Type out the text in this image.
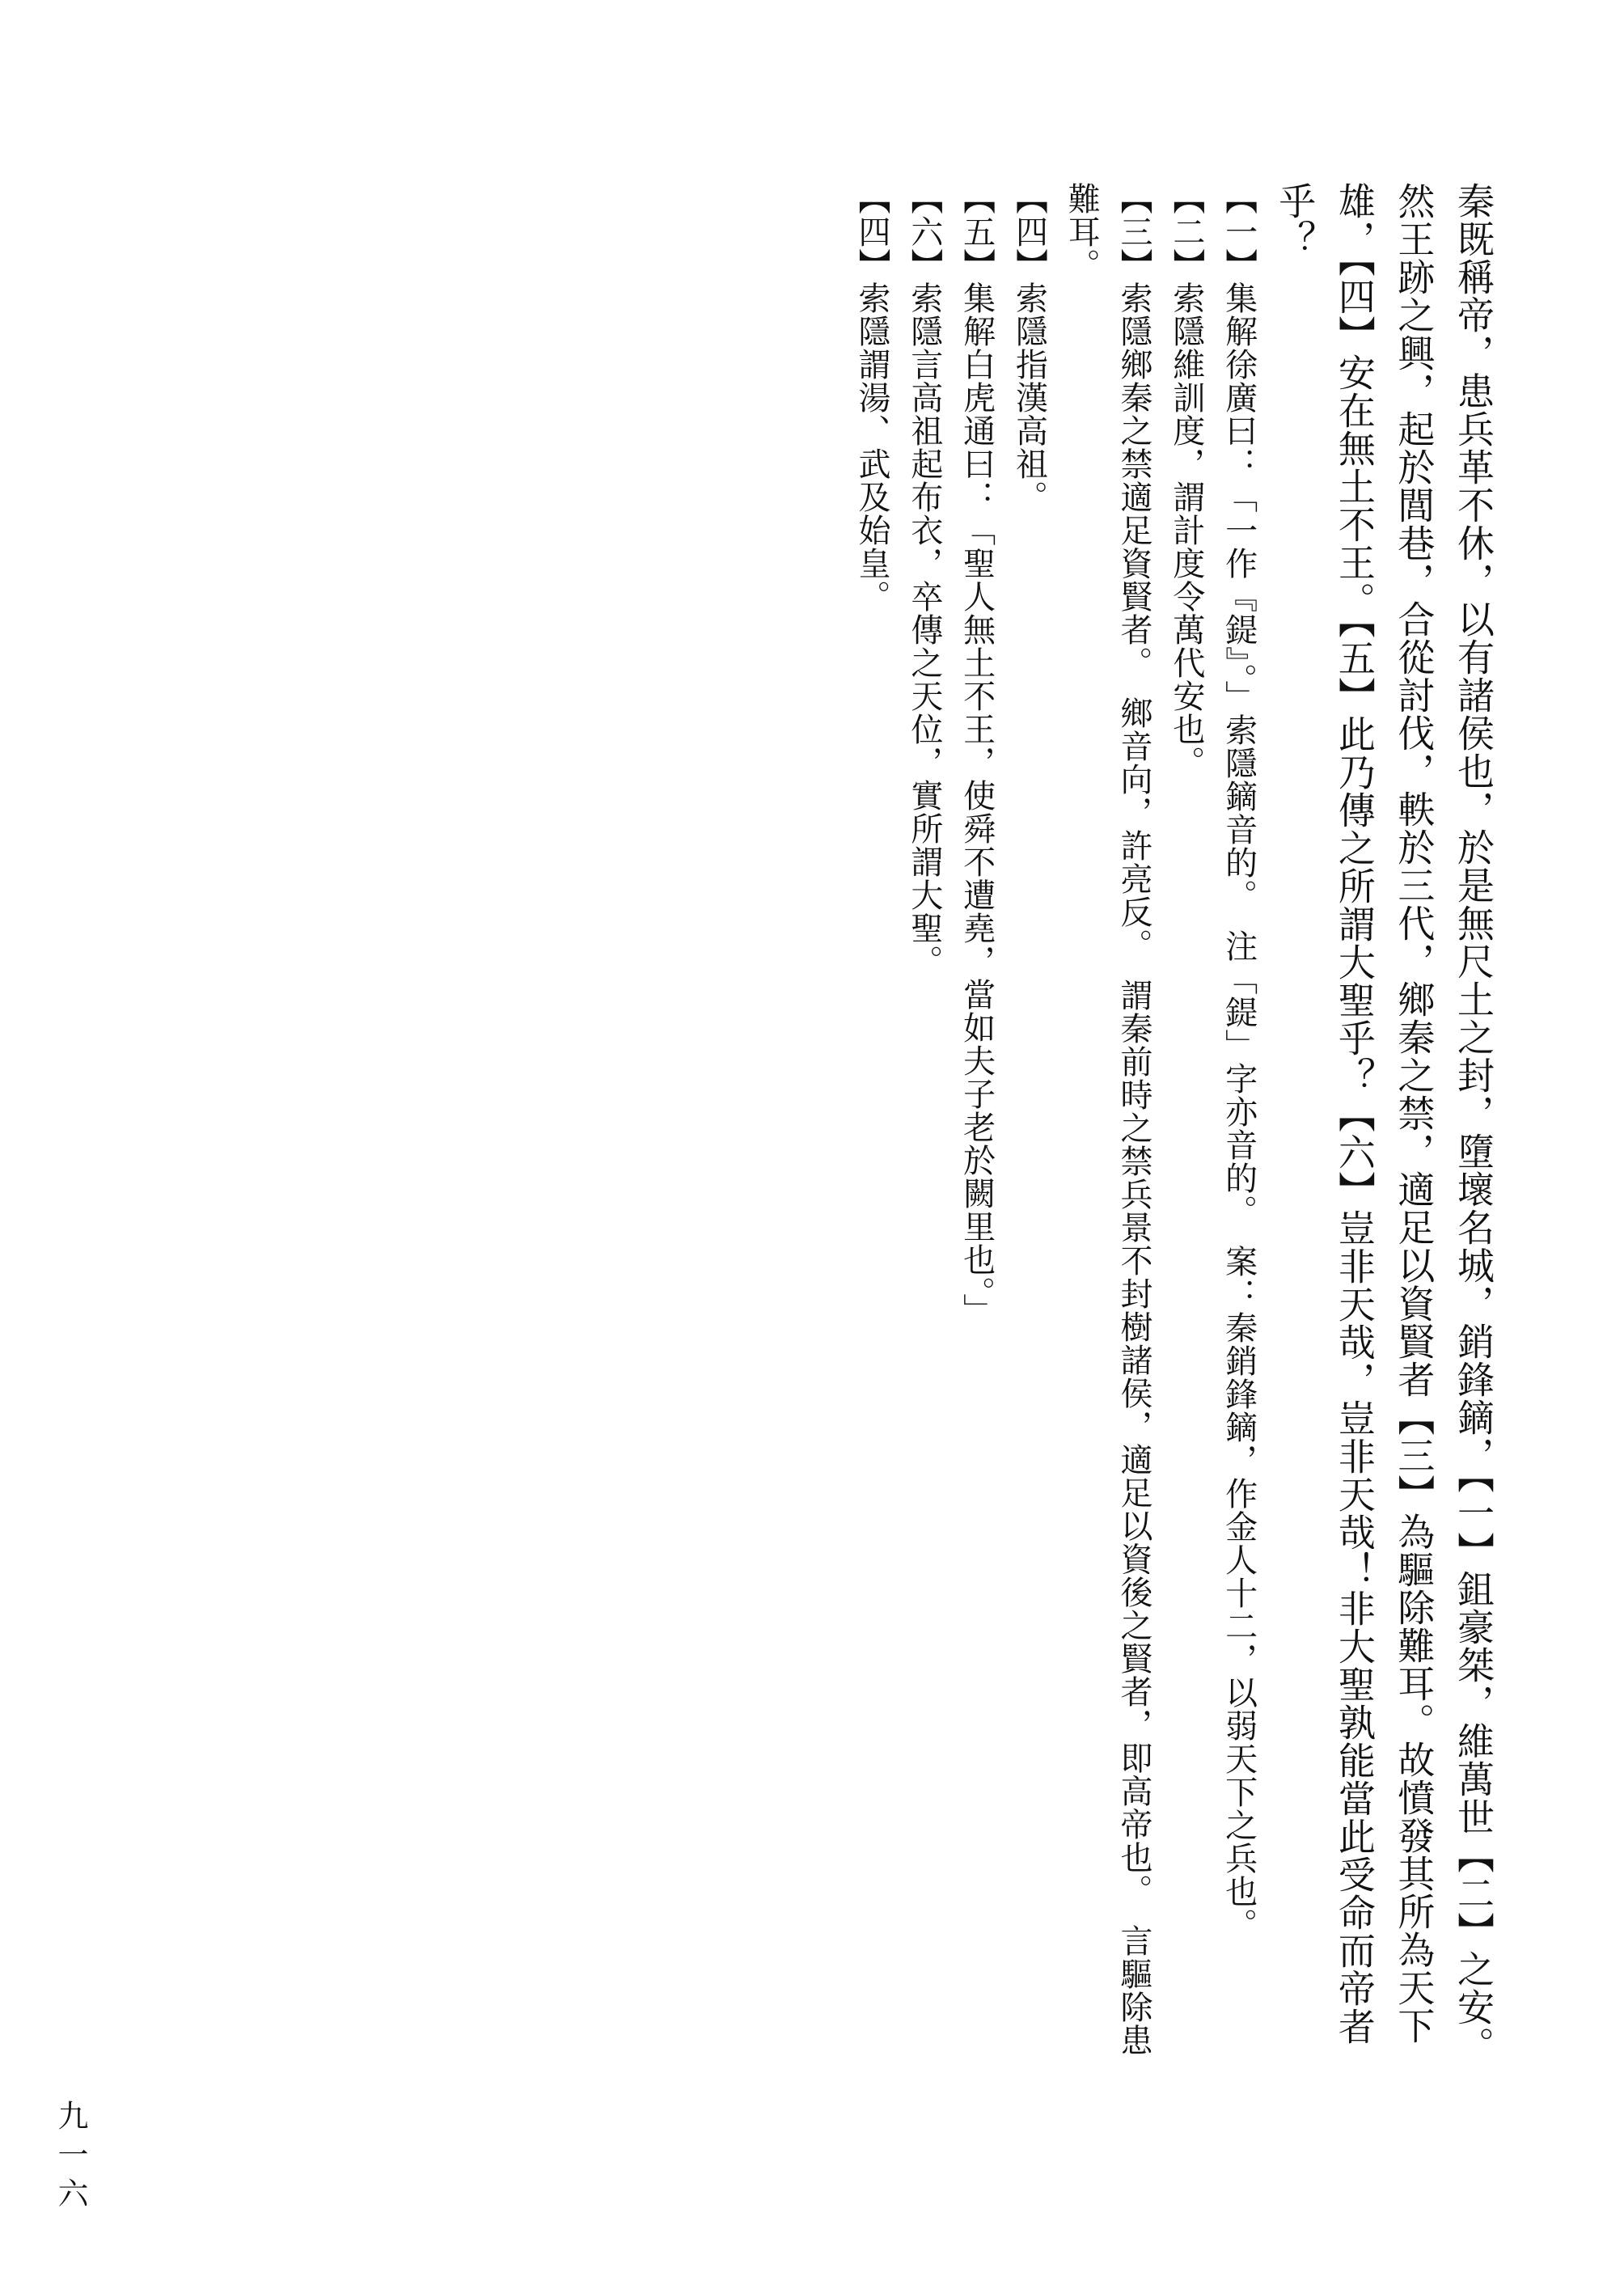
秦既稱帝，患兵革不休，以有諸侯也，於是無尺土之封，墮壞名城，銷鋒鏑，【一】鉏豪桀，維萬世【二】之安。然王跡之興，起於閭巷，合從討伐，軼於三代，鄉秦之禁，適足以資賢者【三】為驅除難耳。故憤發其所為天下雄，【四】安在無土不王。【五】此乃傳之所謂大聖乎？【六】豈非天哉，豈非天哉！非大聖孰能當此受命而帝者乎？
【一】集解徐廣曰：「一作『鍉』。」索隱鏑音的。　注「鍉」字亦音的。　案：秦銷鋒鏑，作金人十二，以弱天下之兵也。
【二】索隱維訓度，謂計度令萬代安也。
【三】索隱鄉秦之禁適足資賢者。　鄉音向，許亮反。　謂秦前時之禁兵景不封樹諸侯，適足以資後之賢者，即高帝也。　言驅除患難耳。
【四】索隱指漢高祖。
【五】集解白虎通曰：「聖人無土不王，使舜不遭堯，當如夫子老於闕里也。」
【六】索隱言高祖起布衣，卒傳之天位，實所謂大聖。
【四】索隱謂湯、武及始皇。
九一六
